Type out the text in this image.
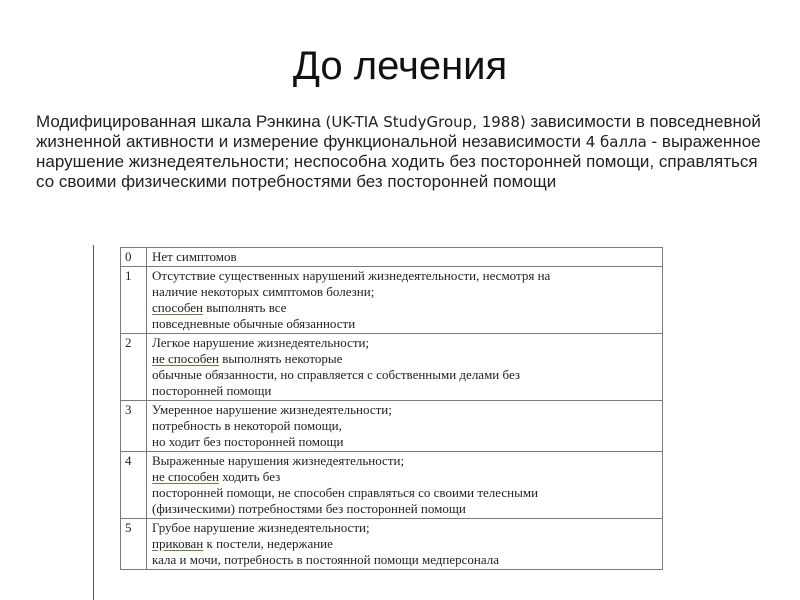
До лечения
Модифицированная шкала Рэнкина (UK-TIA StudyGroup, 1988) зависимости в повседневной жизненной активности и измерение функциональной независимости 4 балла - выраженное нарушение жизнедеятельности; неспособна ходить без посторонней помощи, справляться со своими физическими потребностями без посторонней помощи
0	Нет симптомов

1	Отсутствие существенных нарушений жизнедеятельности, несмотря на
наличие некоторых симптомов болезни;
способен выполнять все
повседневные обычные обязанности

2	Легкое нарушение жизнедеятельности;
не способен выполнять некоторые
обычные обязанности, но справляется с собственными делами без
посторонней помощи

3	Умеренное нарушение жизнедеятельности;
потребность в некоторой помощи,
но ходит без посторонней помощи

4	Выраженные нарушения жизнедеятельности;
не способен ходить без
посторонней помощи, не способен справляться со своими телесными
(физическими) потребностями без посторонней помощи

5	Грубое нарушение жизнедеятельности;
прикован к постели, недержание
кала и мочи, потребность в постоянной помощи медперсонала
